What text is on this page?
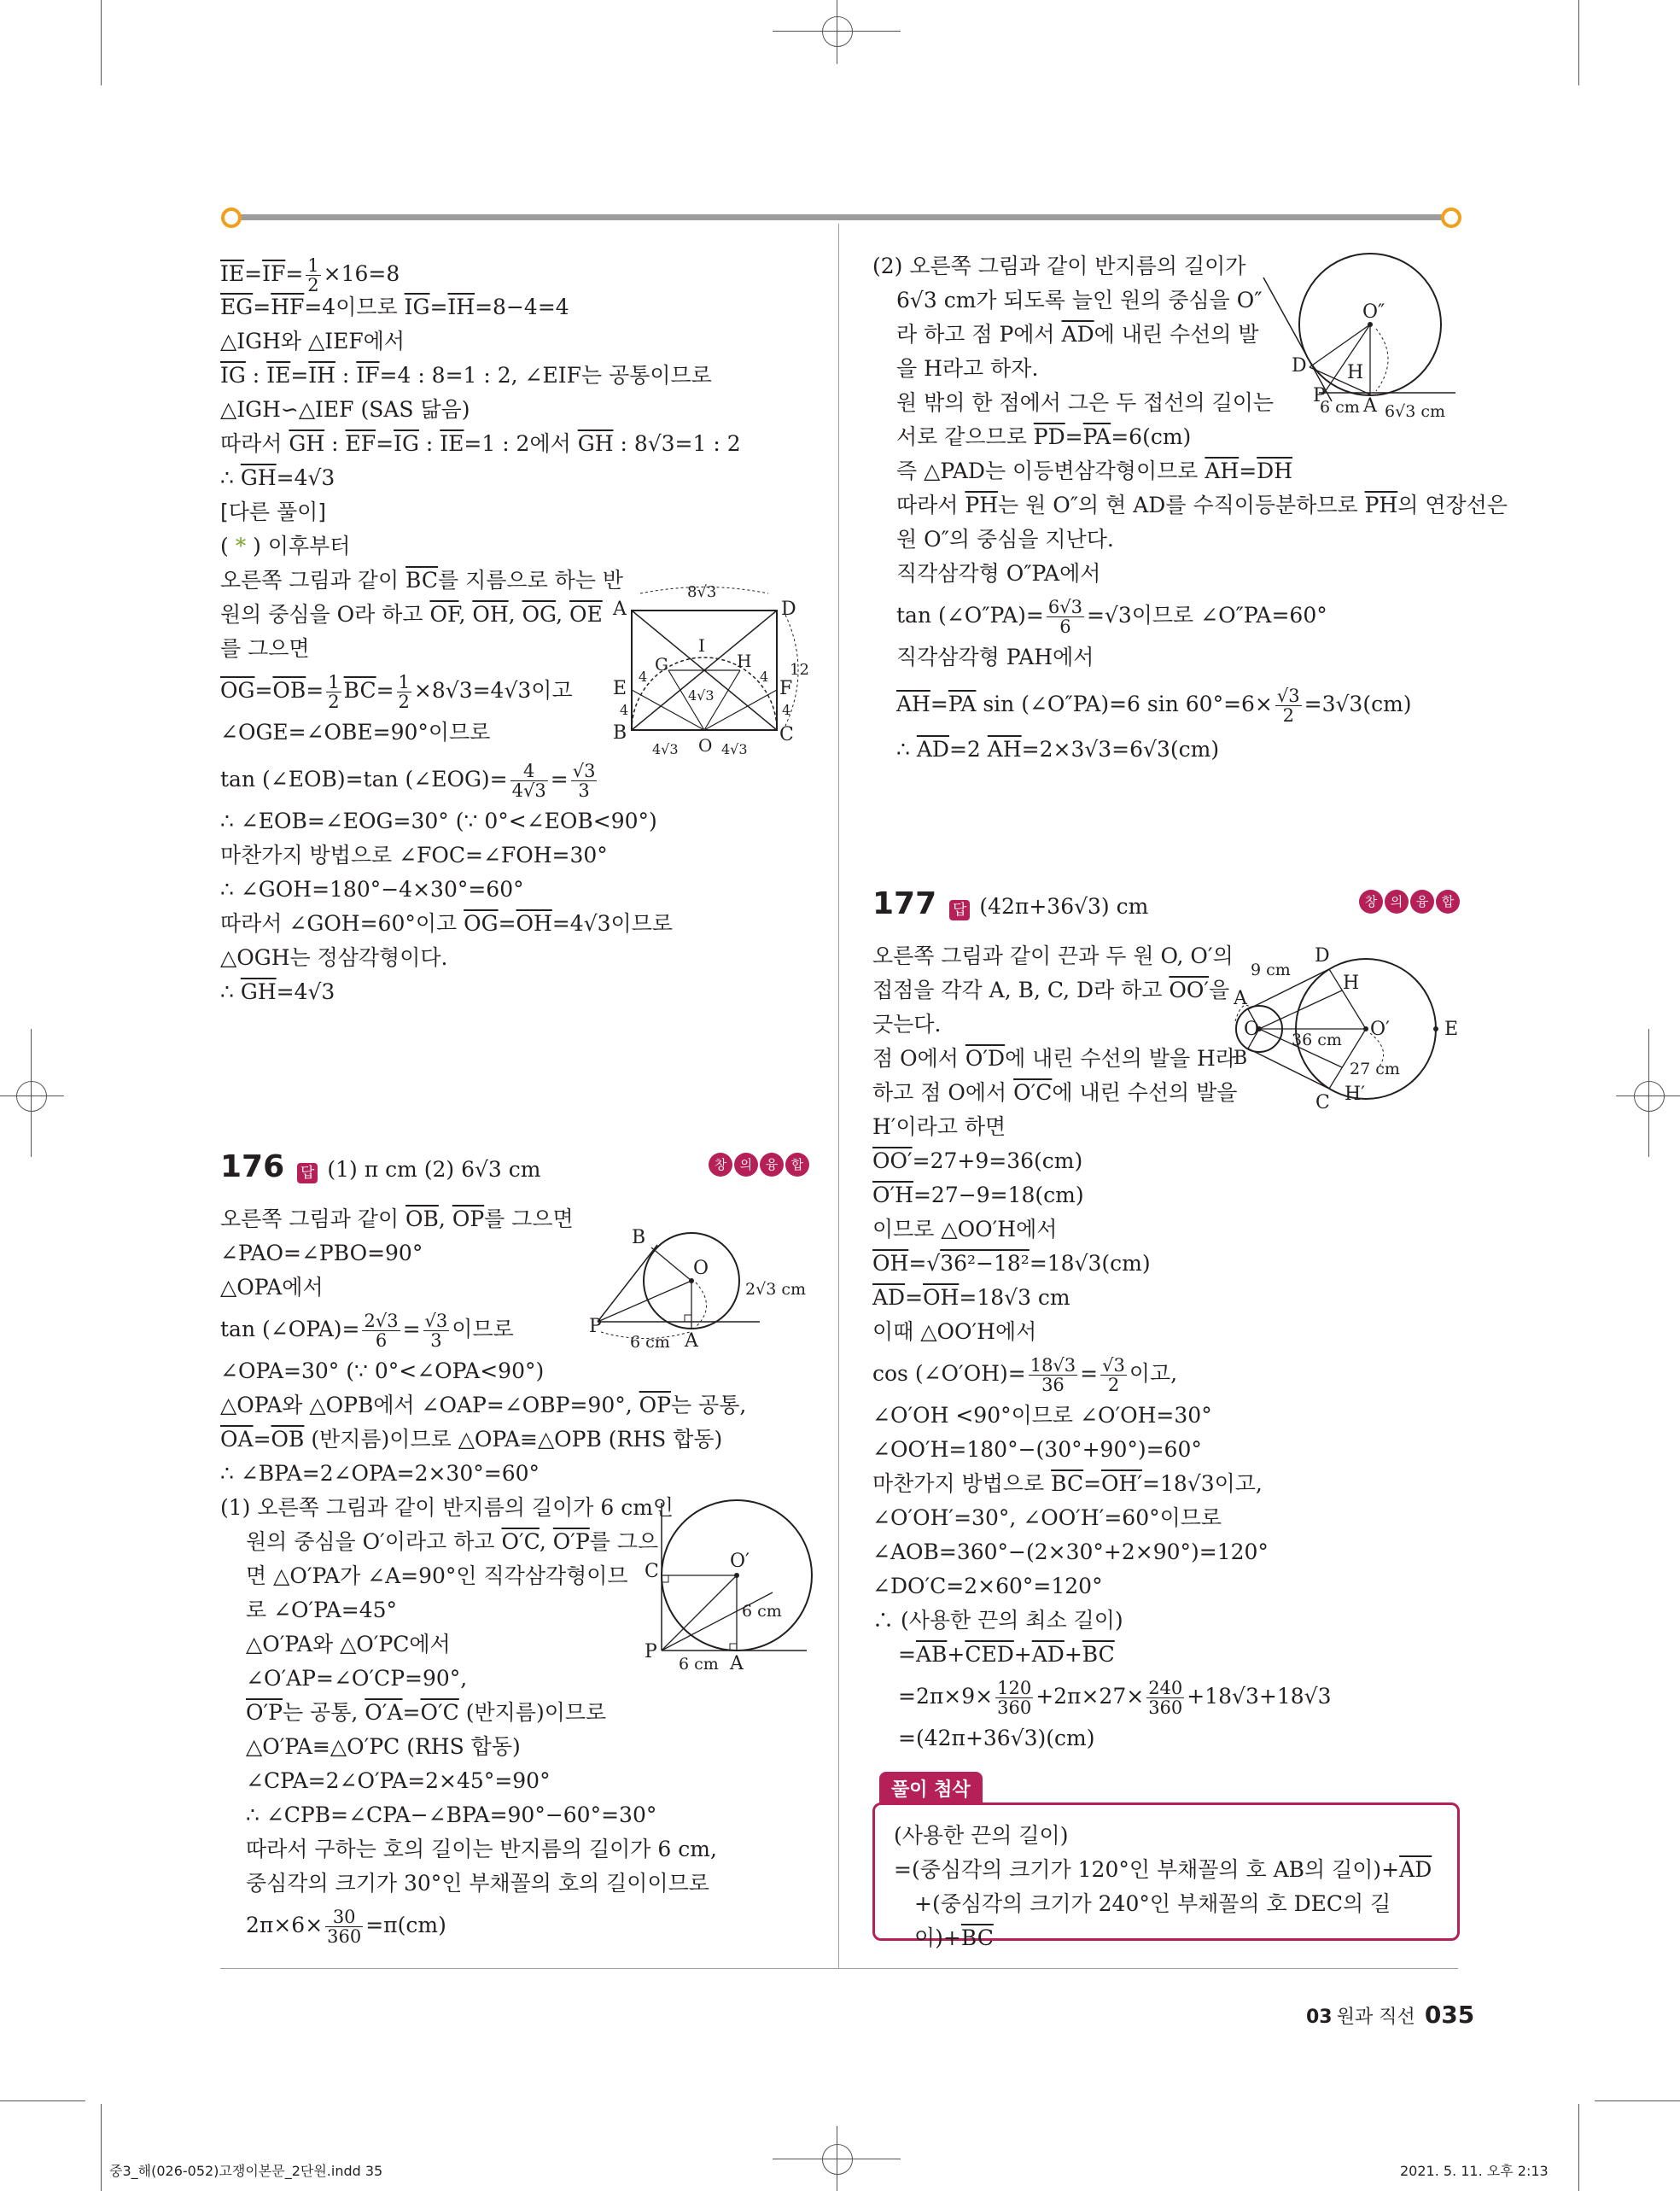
$\overline{IE}=\overline{IF}= \frac{1}{2} \times 16=8$
$\overline{EG}=\overline{HF}=4$이므로 $\overline{IG}=\overline{IH}=8-4=4$
△IGH와 △IEF에서
$\overline{IG}$ : $\overline{IE}=\overline{IH}$ : $\overline{IF}=4$ : 8=1 : 2, ∠EIF는 공통이므로
△IGH∽△IEF (SAS 닮음)
따라서 $\overline{GH}$ : $\overline{EF}=\overline{IG}$ : $\overline{IE}=1$ : 2에서 $\overline{GH}$ : 8√3=1 : 2
∴ $\overline{GH}=4√3$
[다른 풀이]
( * ) 이후부터
오른쪽 그림과 같이 $\overline{BC}$를 지름으로 하는 반
원의 중심을 O라 하고 $\overline{OF}$, $\overline{OH}$, $\overline{OG}$, $\overline{OE}$
를 그으면
$\overline{OG}=\overline{OB}= \frac{1}{2} \overline{BC}= \frac{1}{2} \times 8√3=4√3$이고
∠OGE=∠OBE=90°이므로
tan (∠EOB)=tan (∠EOG)= $\frac{4}{4√3} = \frac{√3}{3}$
∴ ∠EOB=∠EOG=30° (∵ 0°<∠EOB<90°)
마찬가지 방법으로 ∠FOC=∠FOH=30°
∴ ∠GOH=180°−4×30°=60°
따라서 ∠GOH=60°이고 $\overline{OG}=\overline{OH}=4√3$이므로
△OGH는 정삼각형이다.
∴ $\overline{GH}=4√3$
A	D
E	F
B	C
G	H
I
O
8√3
12
4
4	4
4
4√3
4√3	4√3
176 답 (1) π cm (2) 6√3 cm	창 의 융 합
오른쪽 그림과 같이 $\overline{OB}$, $\overline{OP}$를 그으면
∠PAO=∠PBO=90°
△OPA에서
tan (∠OPA)= $\frac{2√3}{6} = \frac{√3}{3}$ 이므로
∠OPA=30° (∵ 0°<∠OPA<90°)
△OPA와 △OPB에서 ∠OAP=∠OBP=90°, $\overline{OP}$는 공통,
$\overline{OA}=\overline{OB}$ (반지름)이므로 △OPA≡△OPB (RHS 합동)
∴ ∠BPA=2∠OPA=2×30°=60°
(1) 오른쪽 그림과 같이 반지름의 길이가 6 cm인
원의 중심을 O′이라고 하고 O′C, O′P를 그으
면 △O′PA가 ∠A=90°인 직각삼각형이므
로 ∠O′PA=45°
△O′PA와 △O′PC에서
∠O′AP=∠O′CP=90°,
O′P는 공통, O′A=O′C (반지름)이므로
△O′PA≡△O′PC (RHS 합동)
∠CPA=2∠O′PA=2×45°=90°
∴ ∠CPB=∠CPA−∠BPA=90°−60°=30°
따라서 구하는 호의 길이는 반지름의 길이가 6 cm,
중심각의 크기가 30°인 부채꼴의 호의 길이이므로
$2\pi\times 6\times \frac{30}{360} =\pi(cm)$
B
O
P
A
2√3 cm
6 cm
C	O′
P
A
6 cm
6 cm
(2) 오른쪽 그림과 같이 반지름의 길이가
6√3 cm가 되도록 늘인 원의 중심을 O″
라 하고 점 P에서 $\overline{AD}$에 내린 수선의 발
을 H라고 하자.
원 밖의 한 점에서 그은 두 접선의 길이는
서로 같으므로 $\overline{PD}=\overline{PA}=6(cm)$
즉 △PAD는 이등변삼각형이므로 $\overline{AH}=\overline{DH}$
따라서 $\overline{PH}$는 원 O″의 현 AD를 수직이등분하므로 $\overline{PH}$의 연장선은
원 O″의 중심을 지난다.
직각삼각형 O″PA에서
tan (∠O″PA)= $\frac{6√3}{6} =√3$이므로 ∠O″PA=60°
직각삼각형 PAH에서
$\overline{AH}=\overline{PA}$ sin (∠O″PA)=6 $\sin 60^\circ=6\times \frac{√3}{2} =3√3(cm)$
∴ $\overline{AD}=2$ $\overline{AH}=2\times 3√3=6√3(cm)$
O″
D H
P A
6 cm 6√3 cm
177 답 (42π+36√3) cm	창 의 융 합
오른쪽 그림과 같이 끈과 두 원 O, O′의
접점을 각각 A, B, C, D라 하고 OO′을
긋는다.
점 O에서 O′D에 내린 수선의 발을 H라
하고 점 O에서 O′C에 내린 수선의 발을
H′이라고 하면
OO′=27+9=36(cm)
O′H=27−9=18(cm)
이므로 △OO′H에서
$\overline{OH}=√36^2-18^2=18√3(cm)$
$\overline{AD}=\overline{OH}=18√3$ cm
이때 △OO′H에서
cos (∠O′OH)= $\frac{18√3}{36} = \frac{√3}{2}$ 이고,
∠O′OH <90°이므로 ∠O′OH=30°
∠OO′H=180°−(30°+90°)=60°
마찬가지 방법으로 $\overline{BC}=OH'=18√3$이고,
∠O′OH′=30°, ∠OO′H′=60°이므로
∠AOB=360°−(2×30°+2×90°)=120°
∠DO′C=2×60°=120°
∴ (사용한 끈의 최소 길이)
$=\overline{AB}+\overline{CED}+\overline{AD}+\overline{BC}$
$=2\pi\times 9\times \frac{120}{360} +2\pi\times 27\times \frac{240}{360} +18√3+18√3$
=(42π+36√3)(cm)
D
H
A
O	O′	E
B
C H′
9 cm
36 cm
27 cm
풀이 첨삭
(사용한 끈의 길이)
=(중심각의 크기가 120°인 부채꼴의 호 AB의 길이)$+\overline{AD}$
+(중심각의 크기가 240°인 부채꼴의 호 DEC의 길이)$+\overline{BC}$
03 원과 직선 035
중3_해(026-052)고쟁이본문_2단원.indd 35	2021. 5. 11. 오후 2:13
